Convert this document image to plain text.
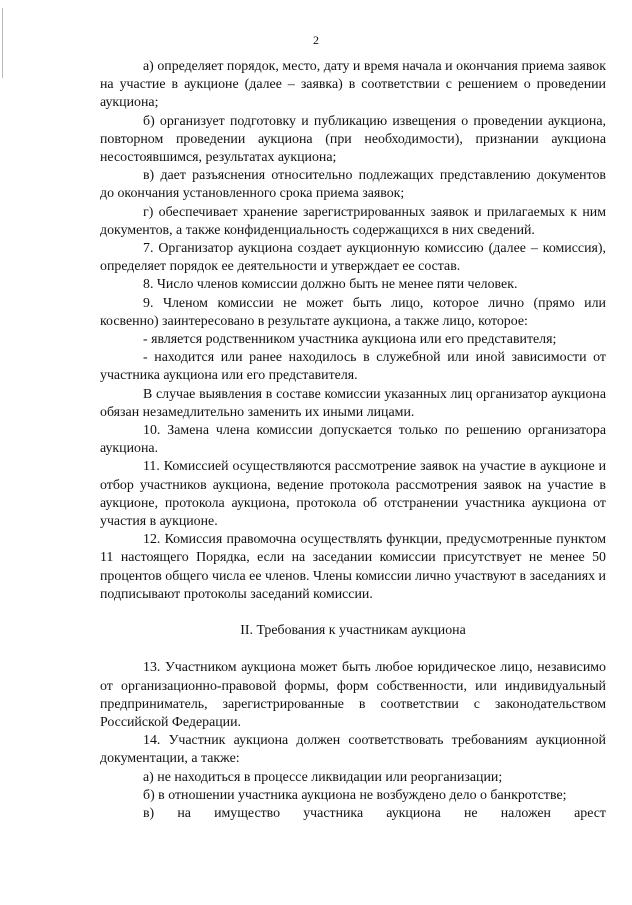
2

а) определяет порядок, место, дату и время начала и окончания приема заявок на участие в аукционе (далее – заявка) в соответствии с решением о проведении аукциона;

б) организует подготовку и публикацию извещения о проведении аукциона, повторном проведении аукциона (при необходимости), признании аукциона несостоявшимся, результатах аукциона;

в) дает разъяснения относительно подлежащих представлению документов до окончания установленного срока приема заявок;

г) обеспечивает хранение зарегистрированных заявок и прилагаемых к ним документов, а также конфиденциальность содержащихся в них сведений.

7. Организатор аукциона создает аукционную комиссию (далее – комиссия), определяет порядок ее деятельности и утверждает ее состав.

8. Число членов комиссии должно быть не менее пяти человек.

9. Членом комиссии не может быть лицо, которое лично (прямо или косвенно) заинтересовано в результате аукциона, а также лицо, которое:

- является родственником участника аукциона или его представителя;

- находится или ранее находилось в служебной или иной зависимости от участника аукциона или его представителя.

В случае выявления в составе комиссии указанных лиц организатор аукциона обязан незамедлительно заменить их иными лицами.

10. Замена члена комиссии допускается только по решению организатора аукциона.

11. Комиссией осуществляются рассмотрение заявок на участие в аукционе и отбор участников аукциона, ведение протокола рассмотрения заявок на участие в аукционе, протокола аукциона, протокола об отстранении участника аукциона от участия в аукционе.

12. Комиссия правомочна осуществлять функции, предусмотренные пунктом 11 настоящего Порядка, если на заседании комиссии присутствует не менее 50 процентов общего числа ее членов. Члены комиссии лично участвуют в заседаниях и подписывают протоколы заседаний комиссии.

II. Требования к участникам аукциона

13. Участником аукциона может быть любое юридическое лицо, независимо от организационно-правовой формы, форм собственности, или индивидуальный предприниматель, зарегистрированные в соответствии с законодательством Российской Федерации.

14. Участник аукциона должен соответствовать требованиям аукционной документации, а также:

а) не находиться в процессе ликвидации или реорганизации;

б) в отношении участника аукциона не возбуждено дело о банкротстве;

в) на имущество участника аукциона не наложен арест
